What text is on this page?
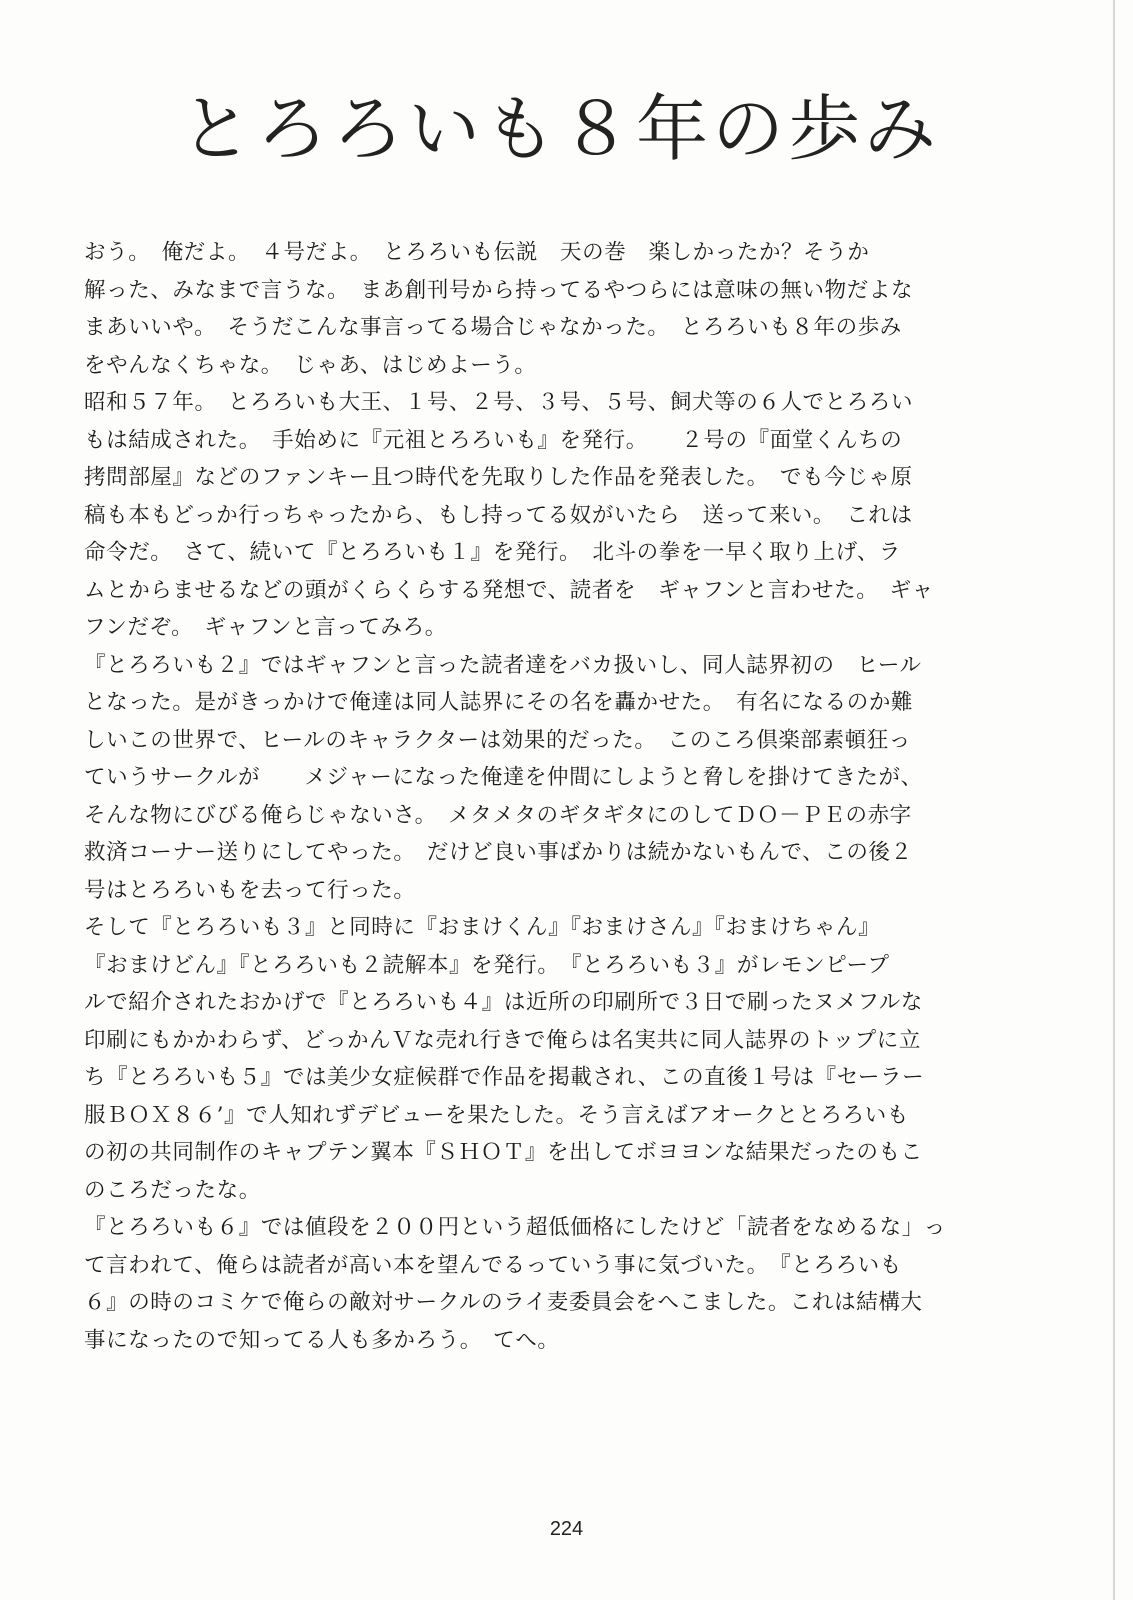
とろろいも８年の歩み
おう。　俺だよ。　４号だよ。　とろろいも伝説　天の巻　楽しかったか？そうか
解った、みなまで言うな。　まあ創刊号から持ってるやつらには意味の無い物だよな
まあいいや。　そうだこんな事言ってる場合じゃなかった。　とろろいも８年の歩み
をやんなくちゃな。　じゃあ、はじめよーう。
昭和５７年。　とろろいも大王、１号、２号、３号、５号、飼犬等の６人でとろろい
もは結成された。　手始めに『元祖とろろいも』を発行。　　２号の『面堂くんちの
拷問部屋』などのファンキー且つ時代を先取りした作品を発表した。　でも今じゃ原
稿も本もどっか行っちゃったから、もし持ってる奴がいたら　送って来い。　これは
命令だ。　さて、続いて『とろろいも１』を発行。　北斗の拳を一早く取り上げ、ラ
ムとからませるなどの頭がくらくらする発想で、読者を　ギャフンと言わせた。　ギャ
フンだぞ。　ギャフンと言ってみろ。
『とろろいも２』ではギャフンと言った読者達をバカ扱いし、同人誌界初の　ヒール
となった。是がきっかけで俺達は同人誌界にその名を轟かせた。　有名になるのか難
しいこの世界で、ヒールのキャラクターは効果的だった。　このころ倶楽部素頓狂っ
ていうサークルが　　メジャーになった俺達を仲間にしようと脅しを掛けてきたが、
そんな物にびびる俺らじゃないさ。　メタメタのギタギタにのしてＤＯ－ＰＥの赤字
救済コーナー送りにしてやった。　だけど良い事ばかりは続かないもんで、この後２
号はとろろいもを去って行った。
そして『とろろいも３』と同時に『おまけくん』『おまけさん』『おまけちゃん』
『おまけどん』『とろろいも２読解本』を発行。　『とろろいも３』がレモンピープ
ルで紹介されたおかげで『とろろいも４』は近所の印刷所で３日で刷ったヌメフルな
印刷にもかかわらず、どっかんＶな売れ行きで俺らは名実共に同人誌界のトップに立
ち『とろろいも５』では美少女症候群で作品を掲載され、この直後１号は『セーラー
服ＢＯＸ８６’』で人知れずデビューを果たした。そう言えばアオークととろろいも
の初の共同制作のキャプテン翼本『ＳＨＯＴ』を出してボヨヨンな結果だったのもこ
のころだったな。
『とろろいも６』では値段を２００円という超低価格にしたけど「読者をなめるな」っ
て言われて、俺らは読者が高い本を望んでるっていう事に気づいた。　『とろろいも
６』の時のコミケで俺らの敵対サークルのライ麦委員会をへこました。これは結構大
事になったので知ってる人も多かろう。　てへ。
224
